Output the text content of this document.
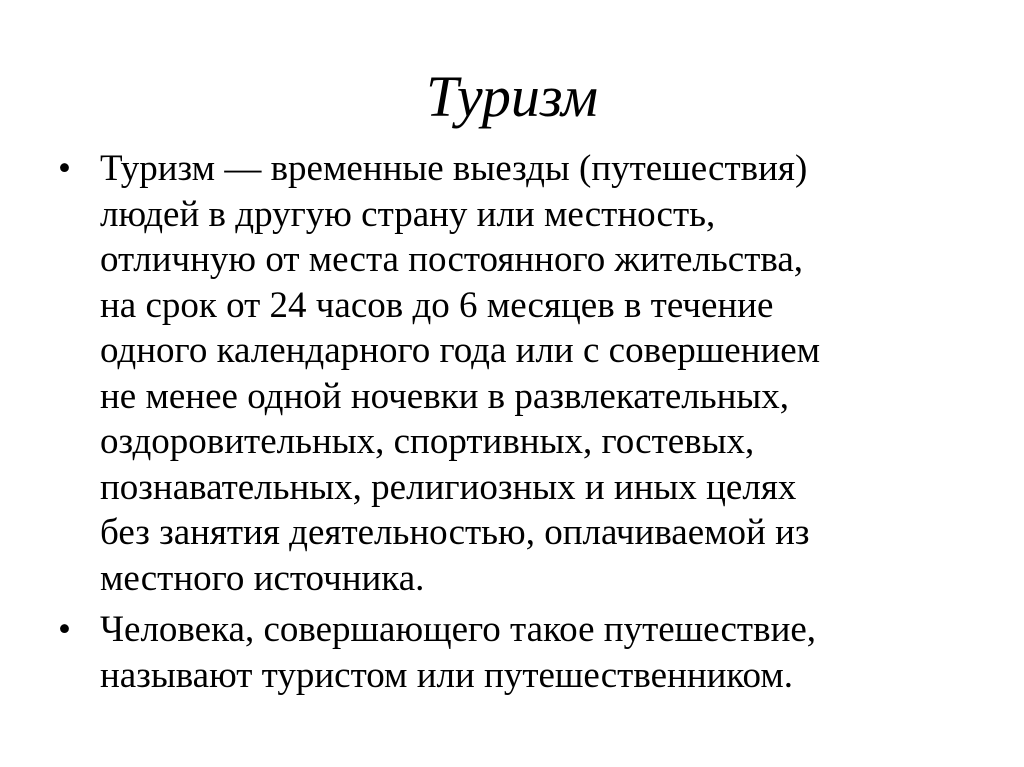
Туризм
• Туризм — временные выезды (путешествия)
людей в другую страну или местность,
отличную от места постоянного жительства,
на срок от 24 часов до 6 месяцев в течение
одного календарного года или с совершением
не менее одной ночевки в развлекательных,
оздоровительных, спортивных, гостевых,
познавательных, религиозных и иных целях
без занятия деятельностью, оплачиваемой из
местного источника.
• Человека, совершающего такое путешествие,
называют туристом или путешественником.
